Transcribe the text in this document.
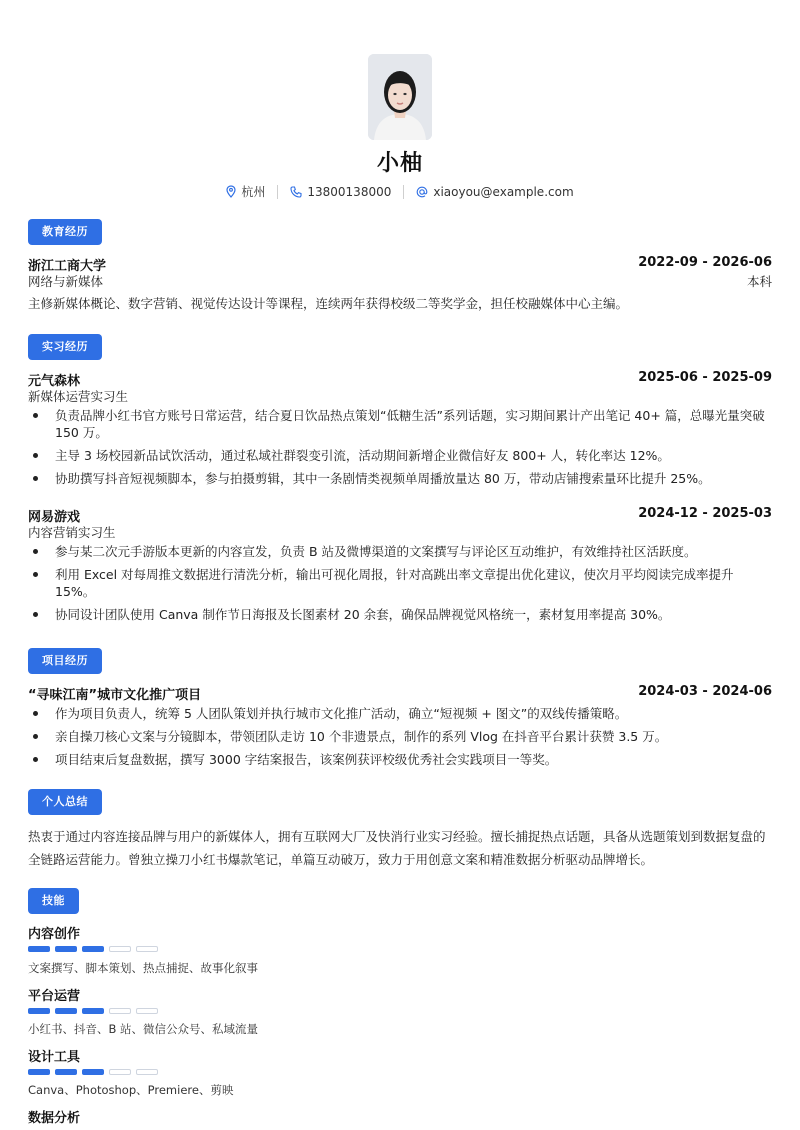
小柚
杭州	13800138000	xiaoyou@example.com
教育经历
浙江工商大学	2022-09 - 2026-06
网络与新媒体	本科
主修新媒体概论、数字营销、视觉传达设计等课程，连续两年获得校级二等奖学金，担任校融媒体中心主编。
实习经历
元气森林	2025-06 - 2025-09
新媒体运营实习生
负责品牌小红书官方账号日常运营，结合夏日饮品热点策划“低糖生活”系列话题，实习期间累计产出笔记 40+ 篇，总曝光量突破 150 万。
主导 3 场校园新品试饮活动，通过私域社群裂变引流，活动期间新增企业微信好友 800+ 人，转化率达 12%。
协助撰写抖音短视频脚本，参与拍摄剪辑，其中一条剧情类视频单周播放量达 80 万，带动店铺搜索量环比提升 25%。
网易游戏	2024-12 - 2025-03
内容营销实习生
参与某二次元手游版本更新的内容宣发，负责 B 站及微博渠道的文案撰写与评论区互动维护，有效维持社区活跃度。
利用 Excel 对每周推文数据进行清洗分析，输出可视化周报，针对高跳出率文章提出优化建议，使次月平均阅读完成率提升 15%。
协同设计团队使用 Canva 制作节日海报及长图素材 20 余套，确保品牌视觉风格统一，素材复用率提高 30%。
项目经历
“寻味江南”城市文化推广项目	2024-03 - 2024-06
作为项目负责人，统筹 5 人团队策划并执行城市文化推广活动，确立“短视频 + 图文”的双线传播策略。
亲自操刀核心文案与分镜脚本，带领团队走访 10 个非遗景点，制作的系列 Vlog 在抖音平台累计获赞 3.5 万。
项目结束后复盘数据，撰写 3000 字结案报告，该案例获评校级优秀社会实践项目一等奖。
个人总结
热衷于通过内容连接品牌与用户的新媒体人，拥有互联网大厂及快消行业实习经验。擅长捕捉热点话题，具备从选题策划到数据复盘的全链路运营能力。曾独立操刀小红书爆款笔记，单篇互动破万，致力于用创意文案和精准数据分析驱动品牌增长。
技能
内容创作
文案撰写、脚本策划、热点捕捉、故事化叙事
平台运营
小红书、抖音、B 站、微信公众号、私域流量
设计工具
Canva、Photoshop、Premiere、剪映
数据分析
